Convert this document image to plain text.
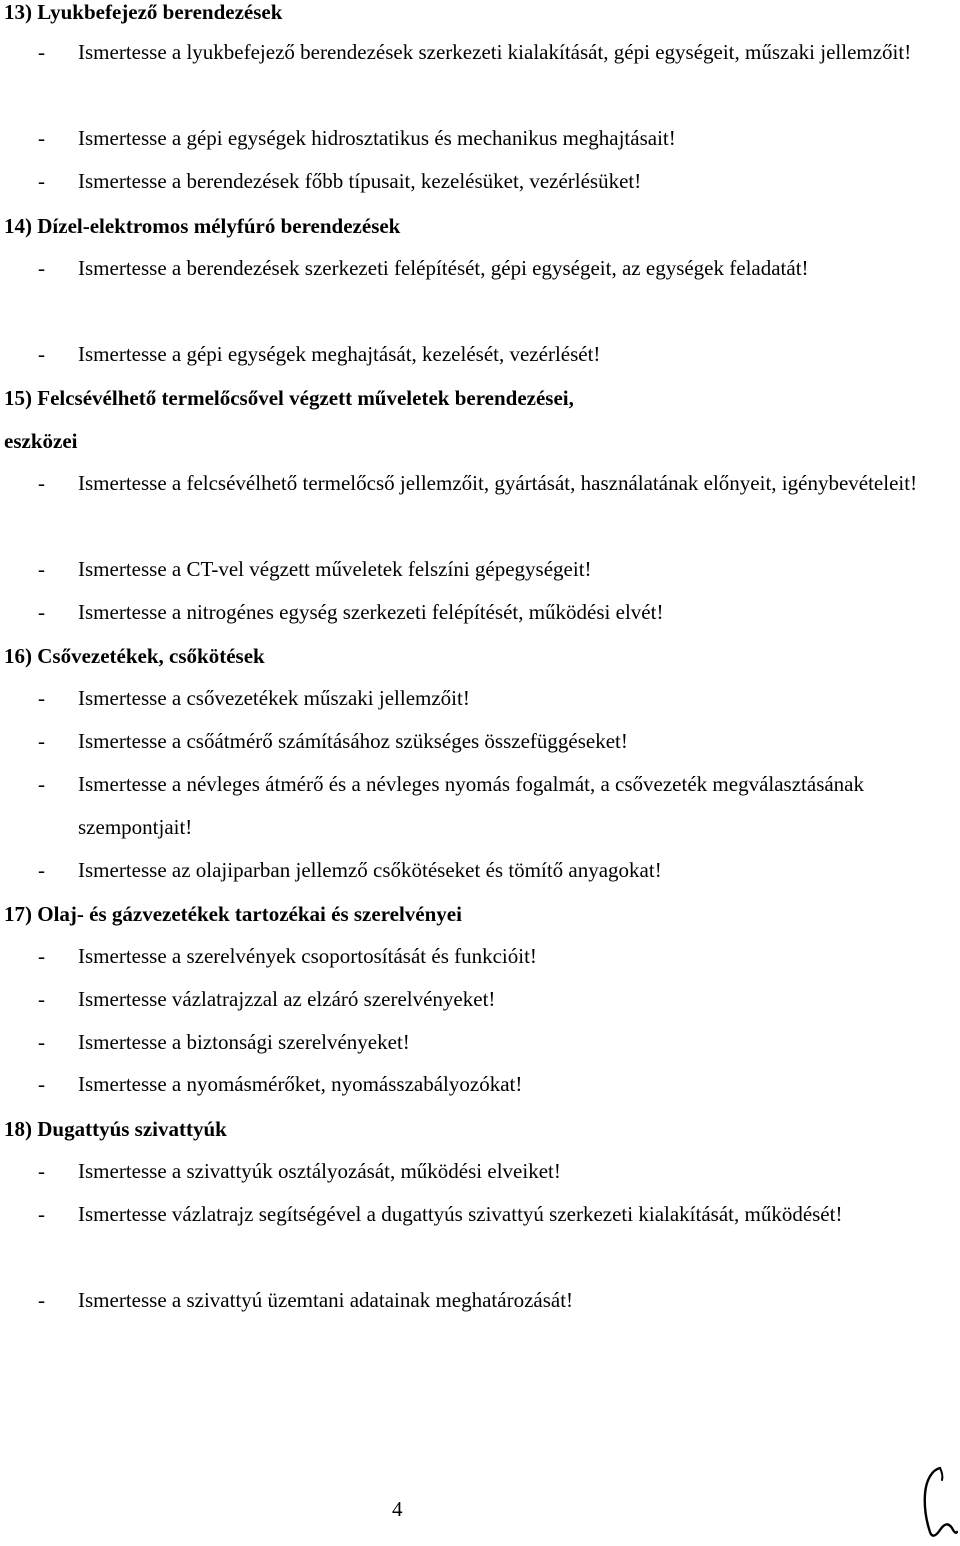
13) Lyukbefejező berendezések

- Ismertesse a lyukbefejező berendezések szerkezeti kialakítását, gépi egységeit, műszaki jellemzőit!
- Ismertesse a gépi egységek hidrosztatikus és mechanikus meghajtásait!
- Ismertesse a berendezések főbb típusait, kezelésüket, vezérlésüket!

14) Dízel-elektromos mélyfúró berendezések

- Ismertesse a berendezések szerkezeti felépítését, gépi egységeit, az egységek feladatát!
- Ismertesse a gépi egységek meghajtását, kezelését, vezérlését!

15) Felcsévélhető termelőcsővel végzett műveletek berendezései,

eszközei

- Ismertesse a felcsévélhető termelőcső jellemzőit, gyártását, használatának előnyeit, igénybevételeit!
- Ismertesse a CT-vel végzett műveletek felszíni gépegységeit!
- Ismertesse a nitrogénes egység szerkezeti felépítését, működési elvét!

16) Csővezetékek, csőkötések

- Ismertesse a csővezetékek műszaki jellemzőit!
- Ismertesse a csőátmérő számításához szükséges összefüggéseket!
- Ismertesse a névleges átmérő és a névleges nyomás fogalmát, a csővezeték megválasztásának szempontjait!
- Ismertesse az olajiparban jellemző csőkötéseket és tömítő anyagokat!

17) Olaj- és gázvezetékek tartozékai és szerelvényei

- Ismertesse a szerelvények csoportosítását és funkcióit!
- Ismertesse vázlatrajzzal az elzáró szerelvényeket!
- Ismertesse a biztonsági szerelvényeket!
- Ismertesse a nyomásmérőket, nyomásszabályozókat!

18) Dugattyús szivattyúk

- Ismertesse a szivattyúk osztályozását, működési elveiket!
- Ismertesse vázlatrajz segítségével a dugattyús szivattyú szerkezeti kialakítását, működését!
- Ismertesse a szivattyú üzemtani adatainak meghatározását!
4
